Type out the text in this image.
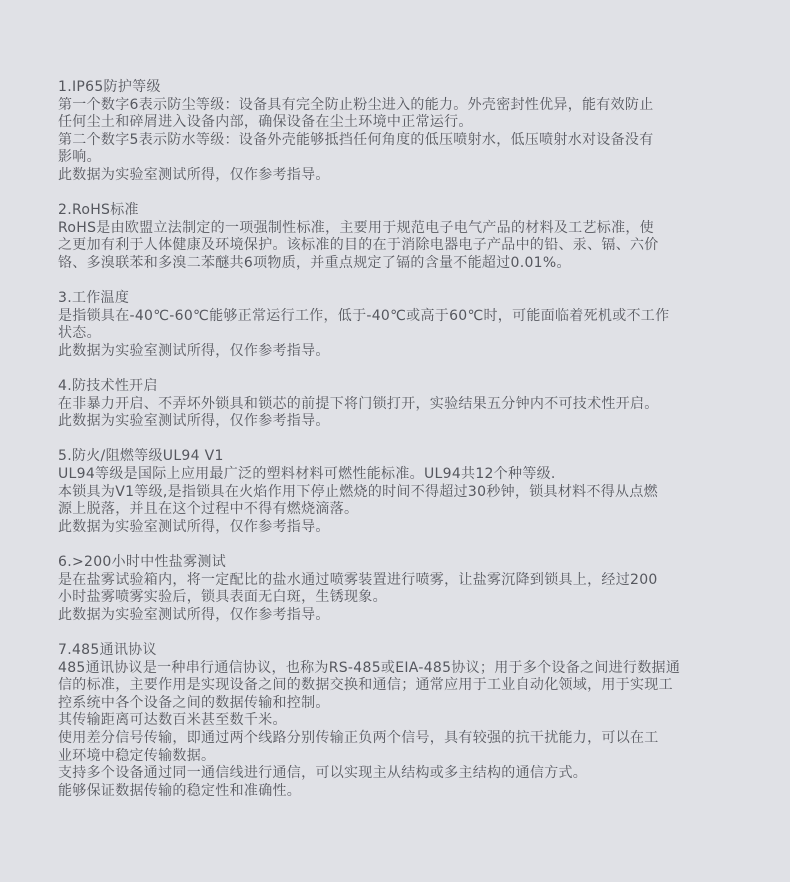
1.IP65防护等级
第一个数字6表示防尘等级：设备具有完全防止粉尘进入的能力。外壳密封性优异，能有效防止
任何尘土和碎屑进入设备内部，确保设备在尘土环境中正常运行。
第二个数字5表示防水等级：设备外壳能够抵挡任何角度的低压喷射水，低压喷射水对设备没有
影响。
此数据为实验室测试所得，仅作参考指导。
2.RoHS标准
RoHS是由欧盟立法制定的一项强制性标准，主要用于规范电子电气产品的材料及工艺标准，使
之更加有利于人体健康及环境保护。该标准的目的在于消除电器电子产品中的铅、汞、镉、六价
铬、多溴联苯和多溴二苯醚共6项物质，并重点规定了镉的含量不能超过0.01%。
3.工作温度
是指锁具在-40℃-60℃能够正常运行工作，低于-40℃或高于60℃时，可能面临着死机或不工作
状态。
此数据为实验室测试所得，仅作参考指导。
4.防技术性开启
在非暴力开启、不弄坏外锁具和锁芯的前提下将门锁打开，实验结果五分钟内不可技术性开启。
此数据为实验室测试所得，仅作参考指导。
5.防火/阻燃等级UL94 V1
UL94等级是国际上应用最广泛的塑料材料可燃性能标准。UL94共12个种等级.
本锁具为V1等级,是指锁具在火焰作用下停止燃烧的时间不得超过30秒钟，锁具材料不得从点燃
源上脱落，并且在这个过程中不得有燃烧滴落。
此数据为实验室测试所得，仅作参考指导。
6.>200小时中性盐雾测试
是在盐雾试验箱内，将一定配比的盐水通过喷雾装置进行喷雾，让盐雾沉降到锁具上，经过200
小时盐雾喷雾实验后，锁具表面无白斑，生锈现象。
此数据为实验室测试所得，仅作参考指导。
7.485通讯协议
485通讯协议是一种串行通信协议，也称为RS-485或EIA-485协议；用于多个设备之间进行数据通
信的标准，主要作用是实现设备之间的数据交换和通信；通常应用于工业自动化领域，用于实现工
控系统中各个设备之间的数据传输和控制。
其传输距离可达数百米甚至数千米。
使用差分信号传输，即通过两个线路分别传输正负两个信号，具有较强的抗干扰能力，可以在工
业环境中稳定传输数据。
支持多个设备通过同一通信线进行通信，可以实现主从结构或多主结构的通信方式。
能够保证数据传输的稳定性和准确性。
